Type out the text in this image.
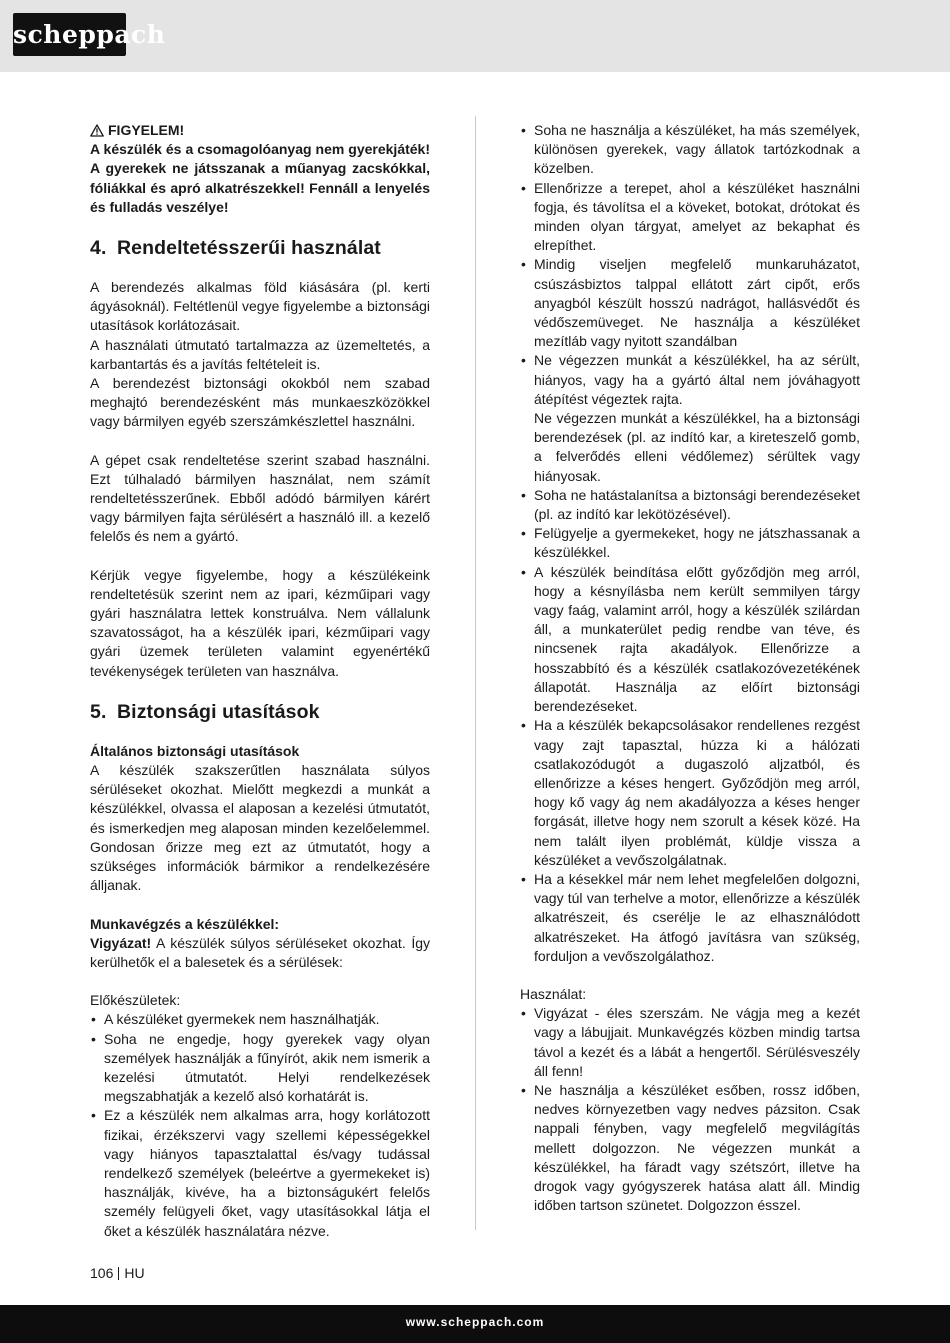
scheppach
FIGYELEM!

A készülék és a csomagolóanyag nem gyerekjáték! A gyerekek ne játsszanak a műanyag zacskókkal, fóliákkal és apró alkatrészekkel! Fennáll a lenyelés és fulladás veszélye!

4. Rendeltetésszerűi használat

A berendezés alkalmas föld kiásására (pl. kerti ágyásoknál). Feltétlenül vegye figyelembe a biztonsági utasítások korlátozásait.

A használati útmutató tartalmazza az üzemeltetés, a karbantartás és a javítás feltételeit is.

A berendezést biztonsági okokból nem szabad meghajtó berendezésként más munkaeszközökkel vagy bármilyen egyéb szerszámkészlettel használni.

A gépet csak rendeltetése szerint szabad használni. Ezt túlhaladó bármilyen használat, nem számít rendeltetésszerűnek. Ebből adódó bármilyen kárért vagy bármilyen fajta sérülésért a használó ill. a kezelő felelős és nem a gyártó.

Kérjük vegye figyelembe, hogy a készülékeink rendeltetésük szerint nem az ipari, kézműipari vagy gyári használatra lettek konstruálva. Nem vállalunk szavatosságot, ha a készülék ipari, kézműipari vagy gyári üzemek területen valamint egyenértékű tevékenységek területen van használva.

5. Biztonsági utasítások

Általános biztonsági utasítások

A készülék szakszerűtlen használata súlyos sérüléseket okozhat. Mielőtt megkezdi a munkát a készülékkel, olvassa el alaposan a kezelési útmutatót, és ismerkedjen meg alaposan minden kezelőelemmel. Gondosan őrizze meg ezt az útmutatót, hogy a szükséges információk bármikor a rendelkezésére álljanak.

Munkavégzés a készülékkel:

Vigyázat! A készülék súlyos sérüléseket okozhat. Így kerülhetők el a balesetek és a sérülések:

Előkészületek:

• A készüléket gyermekek nem használhatják.
• Soha ne engedje, hogy gyerekek vagy olyan személyek használják a fűnyírót, akik nem ismerik a kezelési útmutatót. Helyi rendelkezések megszabhatják a kezelő alsó korhatárát is.
• Ez a készülék nem alkalmas arra, hogy korlátozott fizikai, érzékszervi vagy szellemi képességekkel vagy hiányos tapasztalattal és/vagy tudással rendelkező személyek (beleértve a gyermekeket is) használják, kivéve, ha a biztonságukért felelős személy felügyeli őket, vagy utasításokkal látja el őket a készülék használatára nézve.
• Soha ne használja a készüléket, ha más személyek, különösen gyerekek, vagy állatok tartózkodnak a közelben.
• Ellenőrizze a terepet, ahol a készüléket használni fogja, és távolítsa el a köveket, botokat, drótokat és minden olyan tárgyat, amelyet az bekaphat és elrepíthet.
• Mindig viseljen megfelelő munkaruházatot, csúszásbiztos talppal ellátott zárt cipőt, erős anyagból készült hosszú nadrágot, hallásvédőt és védőszemüveget. Ne használja a készüléket mezítláb vagy nyitott szandálban
• Ne végezzen munkát a készülékkel, ha az sérült, hiányos, vagy ha a gyártó által nem jóváhagyott átépítést végeztek rajta.

Ne végezzen munkát a készülékkel, ha a biztonsági berendezések (pl. az indító kar, a kireteszelő gomb, a felverődés elleni védőlemez) sérültek vagy hiányosak.

• Soha ne hatástalanítsa a biztonsági berendezéseket (pl. az indító kar lekötözésével).
• Felügyelje a gyermekeket, hogy ne játszhassanak a készülékkel.
• A készülék beindítása előtt győződjön meg arról, hogy a késnyílásba nem került semmilyen tárgy vagy faág, valamint arról, hogy a készülék szilárdan áll, a munkaterület pedig rendbe van téve, és nincsenek rajta akadályok. Ellenőrizze a hosszabbító és a készülék csatlakozóvezetékének állapotát. Használja az előírt biztonsági berendezéseket.
• Ha a készülék bekapcsolásakor rendellenes rezgést vagy zajt tapasztal, húzza ki a hálózati csatlakozódugót a dugaszoló aljzatból, és ellenőrizze a késes hengert. Győződjön meg arról, hogy kő vagy ág nem akadályozza a késes henger forgását, illetve hogy nem szorult a kések közé. Ha nem talált ilyen problémát, küldje vissza a készüléket a vevőszolgálatnak.
• Ha a késekkel már nem lehet megfelelően dolgozni, vagy túl van terhelve a motor, ellenőrizze a készülék alkatrészeit, és cserélje le az elhasználódott alkatrészeket. Ha átfogó javításra van szükség, forduljon a vevőszolgálathoz.

Használat:

• Vigyázat - éles szerszám. Ne vágja meg a kezét vagy a lábujjait. Munkavégzés közben mindig tartsa távol a kezét és a lábát a hengertől. Sérülésveszély áll fenn!
• Ne használja a készüléket esőben, rossz időben, nedves környezetben vagy nedves pázsiton. Csak nappali fényben, vagy megfelelő megvilágítás mellett dolgozzon. Ne végezzen munkát a készülékkel, ha fáradt vagy szétszórt, illetve ha drogok vagy gyógyszerek hatása alatt áll. Mindig időben tartson szünetet. Dolgozzon ésszel.
106 HU
www.scheppach.com
